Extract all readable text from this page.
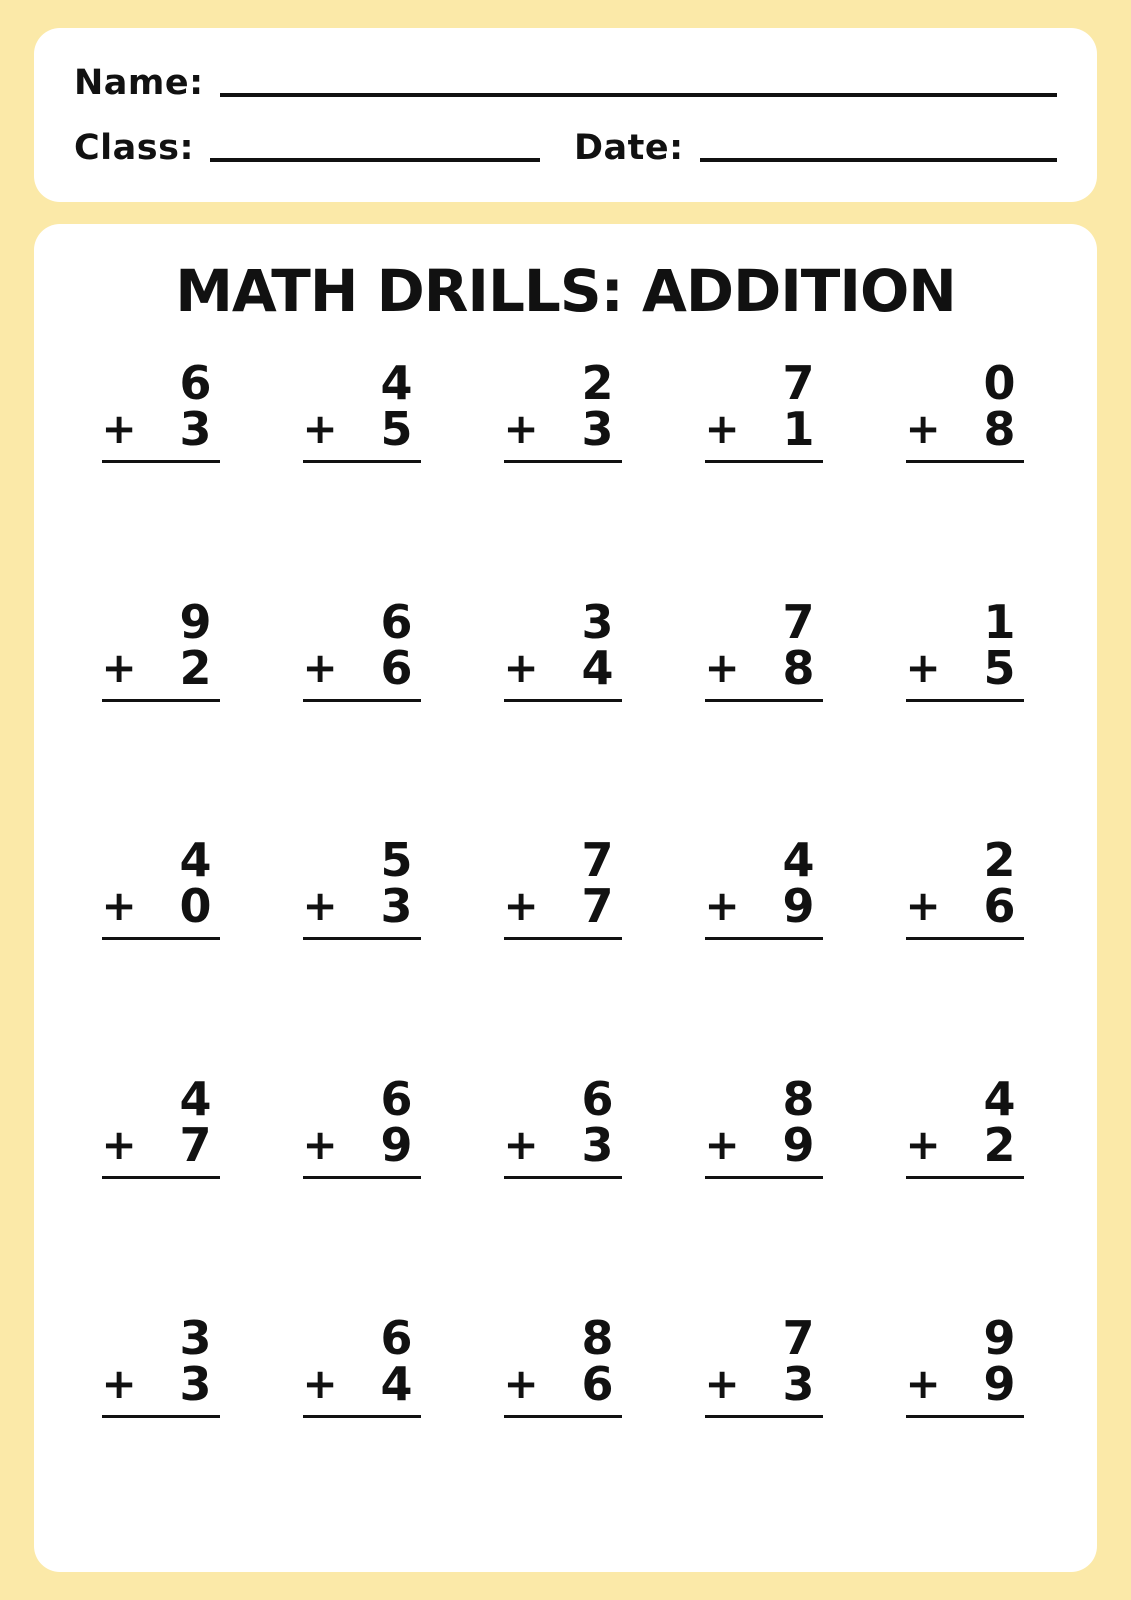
Name:
Class:	Date:
MATH DRILLS: ADDITION
6
+ 3
4
+ 5
2
+ 3
7
+ 1
0
+ 8
9
+ 2
6
+ 6
3
+ 4
7
+ 8
1
+ 5
4
+ 0
5
+ 3
7
+ 7
4
+ 9
2
+ 6
4
+ 7
6
+ 9
6
+ 3
8
+ 9
4
+ 2
3
+ 3
6
+ 4
8
+ 6
7
+ 3
9
+ 9
